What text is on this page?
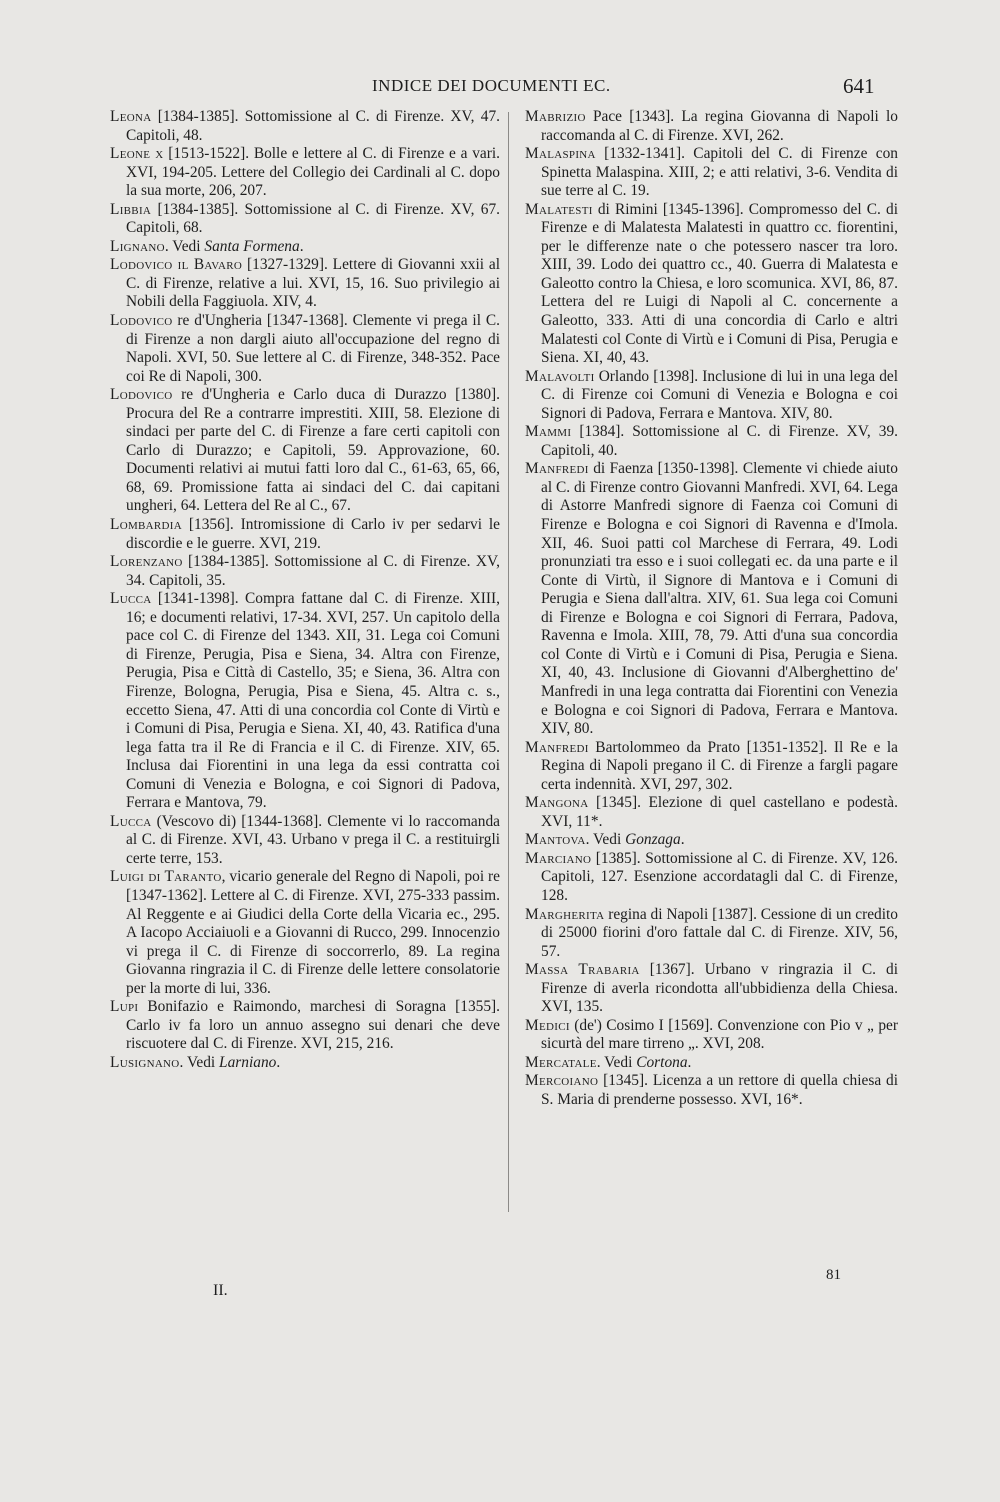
INDICE DEI DOCUMENTI EC.	641

Leona [1384-1385]. Sottomissione al C. di Firenze. XV, 47. Capitoli, 48.

Leone x [1513-1522]. Bolle e lettere al C. di Firenze e a vari. XVI, 194-205. Lettere del Collegio dei Cardinali al C. dopo la sua morte, 206, 207.

Libbia [1384-1385]. Sottomissione al C. di Firenze. XV, 67. Capitoli, 68.

Lignano. Vedi Santa Formena.

Lodovico il Bavaro [1327-1329]. Lettere di Giovanni xxii al C. di Firenze, relative a lui. XVI, 15, 16. Suo privilegio ai Nobili della Faggiuola. XIV, 4.

Lodovico re d'Ungheria [1347-1368]. Clemente vi prega il C. di Firenze a non dargli aiuto all'occupazione del regno di Napoli. XVI, 50. Sue lettere al C. di Firenze, 348-352. Pace coi Re di Napoli, 300.

Lodovico re d'Ungheria e Carlo duca di Durazzo [1380]. Procura del Re a contrarre imprestiti. XIII, 58. Elezione di sindaci per parte del C. di Firenze a fare certi capitoli con Carlo di Durazzo; e Capitoli, 59. Approvazione, 60. Documenti relativi ai mutui fatti loro dal C., 61-63, 65, 66, 68, 69. Promissione fatta ai sindaci del C. dai capitani ungheri, 64. Lettera del Re al C., 67.

Lombardia [1356]. Intromissione di Carlo iv per sedarvi le discordie e le guerre. XVI, 219.

Lorenzano [1384-1385]. Sottomissione al C. di Firenze. XV, 34. Capitoli, 35.

Lucca [1341-1398]. Compra fattane dal C. di Firenze. XIII, 16; e documenti relativi, 17-34. XVI, 257. Un capitolo della pace col C. di Firenze del 1343. XII, 31. Lega coi Comuni di Firenze, Perugia, Pisa e Siena, 34. Altra con Firenze, Perugia, Pisa e Città di Castello, 35; e Siena, 36. Altra con Firenze, Bologna, Perugia, Pisa e Siena, 45. Altra c. s., eccetto Siena, 47. Atti di una concordia col Conte di Virtù e i Comuni di Pisa, Perugia e Siena. XI, 40, 43. Ratifica d'una lega fatta tra il Re di Francia e il C. di Firenze. XIV, 65. Inclusa dai Fiorentini in una lega da essi contratta coi Comuni di Venezia e Bologna, e coi Signori di Padova, Ferrara e Mantova, 79.

Lucca (Vescovo di) [1344-1368]. Clemente vi lo raccomanda al C. di Firenze. XVI, 43. Urbano v prega il C. a restituirgli certe terre, 153.

Luigi di Taranto, vicario generale del Regno di Napoli, poi re [1347-1362]. Lettere al C. di Firenze. XVI, 275-333 passim. Al Reggente e ai Giudici della Corte della Vicaria ec., 295. A Iacopo Acciaiuoli e a Giovanni di Rucco, 299. Innocenzio vi prega il C. di Firenze di soccorrerlo, 89. La regina Giovanna ringrazia il C. di Firenze delle lettere consolatorie per la morte di lui, 336.

Lupi Bonifazio e Raimondo, marchesi di Soragna [1355]. Carlo iv fa loro un annuo assegno sui denari che deve riscuotere dal C. di Firenze. XVI, 215, 216.

Lusignano. Vedi Larniano.

Mabrizio Pace [1343]. La regina Giovanna di Napoli lo raccomanda al C. di Firenze. XVI, 262.

Malaspina [1332-1341]. Capitoli del C. di Firenze con Spinetta Malaspina. XIII, 2; e atti relativi, 3-6. Vendita di sue terre al C. 19.

Malatesti di Rimini [1345-1396]. Compromesso del C. di Firenze e di Malatesta Malatesti in quattro cc. fiorentini, per le differenze nate o che potessero nascer tra loro. XIII, 39. Lodo dei quattro cc., 40. Guerra di Malatesta e Galeotto contro la Chiesa, e loro scomunica. XVI, 86, 87. Lettera del re Luigi di Napoli al C. concernente a Galeotto, 333. Atti di una concordia di Carlo e altri Malatesti col Conte di Virtù e i Comuni di Pisa, Perugia e Siena. XI, 40, 43.

Malavolti Orlando [1398]. Inclusione di lui in una lega del C. di Firenze coi Comuni di Venezia e Bologna e coi Signori di Padova, Ferrara e Mantova. XIV, 80.

Mammi [1384]. Sottomissione al C. di Firenze. XV, 39. Capitoli, 40.

Manfredi di Faenza [1350-1398]. Clemente vi chiede aiuto al C. di Firenze contro Giovanni Manfredi. XVI, 64. Lega di Astorre Manfredi signore di Faenza coi Comuni di Firenze e Bologna e coi Signori di Ravenna e d'Imola. XII, 46. Suoi patti col Marchese di Ferrara, 49. Lodi pronunziati tra esso e i suoi collegati ec. da una parte e il Conte di Virtù, il Signore di Mantova e i Comuni di Perugia e Siena dall'altra. XIV, 61. Sua lega coi Comuni di Firenze e Bologna e coi Signori di Ferrara, Padova, Ravenna e Imola. XIII, 78, 79. Atti d'una sua concordia col Conte di Virtù e i Comuni di Pisa, Perugia e Siena. XI, 40, 43. Inclusione di Giovanni d'Alberghettino de' Manfredi in una lega contratta dai Fiorentini con Venezia e Bologna e coi Signori di Padova, Ferrara e Mantova. XIV, 80.

Manfredi Bartolommeo da Prato [1351-1352]. Il Re e la Regina di Napoli pregano il C. di Firenze a fargli pagare certa indennità. XVI, 297, 302.

Mangona [1345]. Elezione di quel castellano e podestà. XVI, 11*.

Mantova. Vedi Gonzaga.

Marciano [1385]. Sottomissione al C. di Firenze. XV, 126. Capitoli, 127. Esenzione accordatagli dal C. di Firenze, 128.

Margherita regina di Napoli [1387]. Cessione di un credito di 25000 fiorini d'oro fattale dal C. di Firenze. XIV, 56, 57.

Massa Trabaria [1367]. Urbano v ringrazia il C. di Firenze di averla ricondotta all'ubbidienza della Chiesa. XVI, 135.

Medici (de') Cosimo I [1569]. Convenzione con Pio v „ per sicurtà del mare tirreno „. XVI, 208.

Mercatale. Vedi Cortona.

Mercoiano [1345]. Licenza a un rettore di quella chiesa di S. Maria di prenderne possesso. XVI, 16*.

II.
81
